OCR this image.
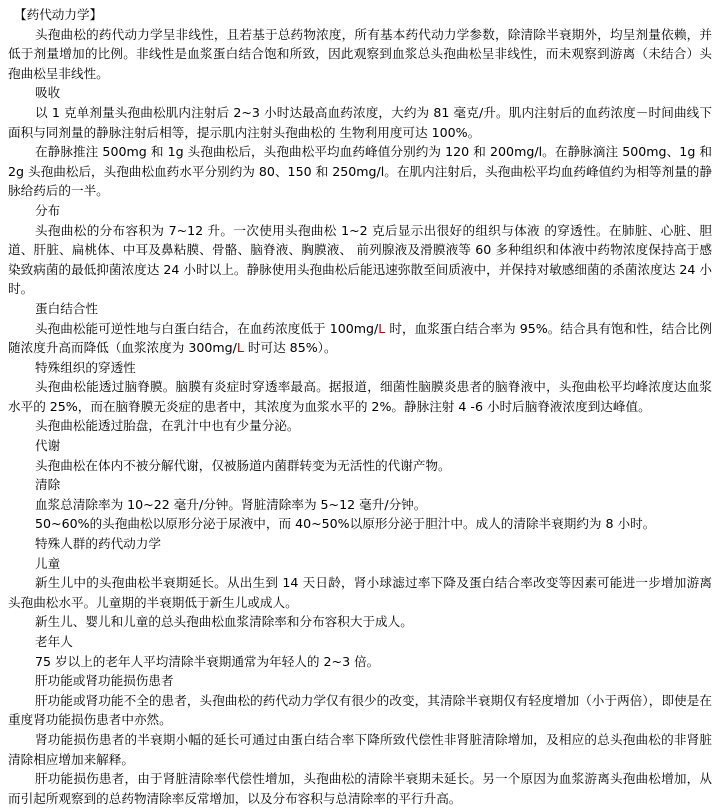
【药代动力学】

头孢曲松的药代动力学呈非线性，且若基于总药物浓度，所有基本药代动力学参数，除清除半衰期外，均呈剂量依赖，并低于剂量增加的比例。非线性是血浆蛋白结合饱和所致，因此观察到血浆总头孢曲松呈非线性，而未观察到游离（未结合）头孢曲松呈非线性。

吸收

以 1 克单剂量头孢曲松肌内注射后 2~3 小时达最高血药浓度，大约为 81 毫克/升。肌内注射后的血药浓度－时间曲线下面积与同剂量的静脉注射后相等，提示肌内注射头孢曲松的 生物利用度可达 100%。

在静脉推注 500mg 和 1g 头孢曲松后，头孢曲松平均血药峰值分别约为 120 和 200mg/l。在静脉滴注 500mg、1g 和 2g 头孢曲松后，头孢曲松血药水平分别约为 80、150 和 250mg/l。在肌内注射后，头孢曲松平均血药峰值约为相等剂量的静脉给药后的一半。

分布

头孢曲松的分布容积为 7~12 升。一次使用头孢曲松 1~2 克后显示出很好的组织与体液 的穿透性。在肺脏、心脏、胆道、肝脏、扁桃体、中耳及鼻粘膜、骨骼、脑脊液、胸膜液、 前列腺液及滑膜液等 60 多种组织和体液中药物浓度保持高于感染致病菌的最低抑菌浓度达 24 小时以上。静脉使用头孢曲松后能迅速弥散至间质液中，并保持对敏感细菌的杀菌浓度达 24 小时。

蛋白结合性

头孢曲松能可逆性地与白蛋白结合，在血药浓度低于 100mg/L 时，血浆蛋白结合率为 95%。结合具有饱和性，结合比例随浓度升高而降低（血浆浓度为 300mg/L 时可达 85%）。

特殊组织的穿透性

头孢曲松能透过脑脊膜。脑膜有炎症时穿透率最高。据报道，细菌性脑膜炎患者的脑脊液中，头孢曲松平均峰浓度达血浆水平的 25%，而在脑脊膜无炎症的患者中，其浓度为血浆水平的 2%。静脉注射 4 -6 小时后脑脊液浓度到达峰值。

头孢曲松能透过胎盘，在乳汁中也有少量分泌。

代谢

头孢曲松在体内不被分解代谢，仅被肠道内菌群转变为无活性的代谢产物。

清除

血浆总清除率为 10~22 毫升/分钟。肾脏清除率为 5~12 毫升/分钟。

50~60%的头孢曲松以原形分泌于尿液中，而 40~50%以原形分泌于胆汁中。成人的清除半衰期约为 8 小时。

特殊人群的药代动力学

儿童

新生儿中的头孢曲松半衰期延长。从出生到 14 天日龄，肾小球滤过率下降及蛋白结合率改变等因素可能进一步增加游离头孢曲松水平。儿童期的半衰期低于新生儿或成人。

新生儿、婴儿和儿童的总头孢曲松血浆清除率和分布容积大于成人。

老年人

75 岁以上的老年人平均清除半衰期通常为年轻人的 2~3 倍。

肝功能或肾功能损伤患者

肝功能或肾功能不全的患者，头孢曲松的药代动力学仅有很少的改变，其清除半衰期仅有轻度增加（小于两倍），即使是在重度肾功能损伤患者中亦然。

肾功能损伤患者的半衰期小幅的延长可通过由蛋白结合率下降所致代偿性非肾脏清除增加，及相应的总头孢曲松的非肾脏清除相应增加来解释。

肝功能损伤患者，由于肾脏清除率代偿性增加，头孢曲松的清除半衰期未延长。另一个原因为血浆游离头孢曲松增加，从而引起所观察到的总药物清除率反常增加，以及分布容积与总清除率的平行升高。
